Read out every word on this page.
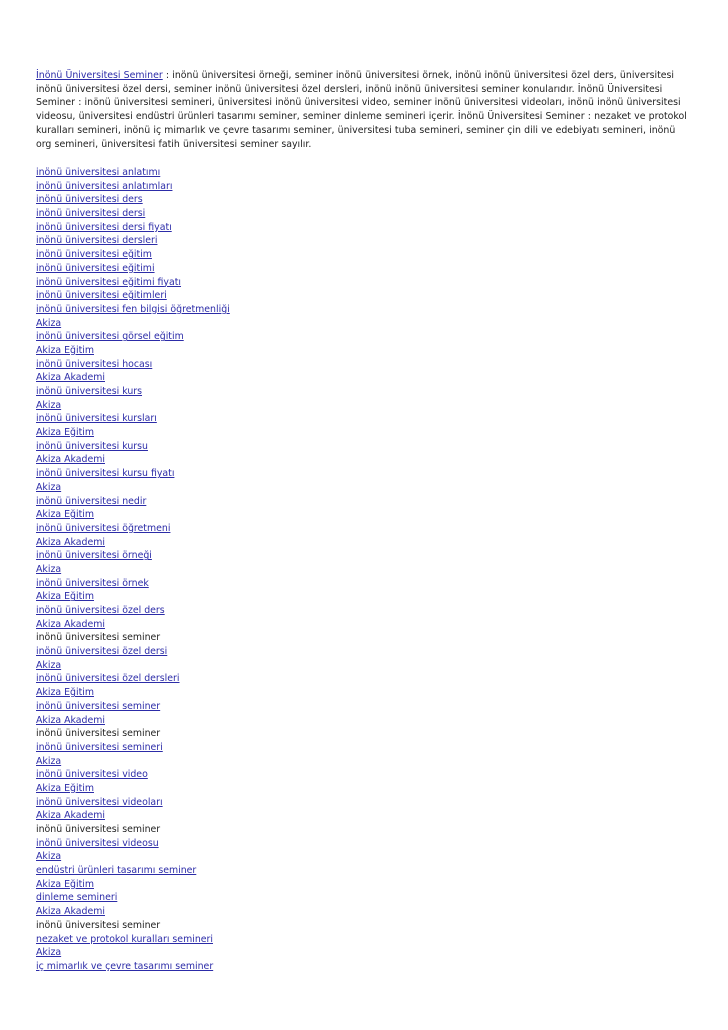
İnönü Üniversitesi Seminer : inönü üniversitesi örneği, seminer inönü üniversitesi örnek, inönü inönü üniversitesi özel ders, üniversitesi inönü üniversitesi özel dersi, seminer inönü üniversitesi özel dersleri, inönü inönü üniversitesi seminer konularıdır. İnönü Üniversitesi Seminer : inönü üniversitesi semineri, üniversitesi inönü üniversitesi video, seminer inönü üniversitesi videoları, inönü inönü üniversitesi videosu, üniversitesi endüstri ürünleri tasarımı seminer, seminer dinleme semineri içerir. İnönü Üniversitesi Seminer : nezaket ve protokol kuralları semineri, inönü iç mimarlık ve çevre tasarımı seminer, üniversitesi tuba semineri, seminer çin dili ve edebiyatı semineri, inönü org semineri, üniversitesi fatih üniversitesi seminer sayılır.

inönü üniversitesi anlatımı
inönü üniversitesi anlatımları
inönü üniversitesi ders
inönü üniversitesi dersi
inönü üniversitesi dersi fiyatı
inönü üniversitesi dersleri
inönü üniversitesi eğitim
inönü üniversitesi eğitimi
inönü üniversitesi eğitimi fiyatı
inönü üniversitesi eğitimleri
inönü üniversitesi fen bilgisi öğretmenliği
Akiza
inönü üniversitesi görsel eğitim
Akiza Eğitim
inönü üniversitesi hocası
Akiza Akademi
inönü üniversitesi kurs
Akiza
inönü üniversitesi kursları
Akiza Eğitim
inönü üniversitesi kursu
Akiza Akademi
inönü üniversitesi kursu fiyatı
Akiza
inönü üniversitesi nedir
Akiza Eğitim
inönü üniversitesi öğretmeni
Akiza Akademi
inönü üniversitesi örneği
Akiza
inönü üniversitesi örnek
Akiza Eğitim
inönü üniversitesi özel ders
Akiza Akademi
inönü üniversitesi seminer
inönü üniversitesi özel dersi
Akiza
inönü üniversitesi özel dersleri
Akiza Eğitim
inönü üniversitesi seminer
Akiza Akademi
inönü üniversitesi seminer
inönü üniversitesi semineri
Akiza
inönü üniversitesi video
Akiza Eğitim
inönü üniversitesi videoları
Akiza Akademi
inönü üniversitesi seminer
inönü üniversitesi videosu
Akiza
endüstri ürünleri tasarımı seminer
Akiza Eğitim
dinleme semineri
Akiza Akademi
inönü üniversitesi seminer
nezaket ve protokol kuralları semineri
Akiza
iç mimarlık ve çevre tasarımı seminer
